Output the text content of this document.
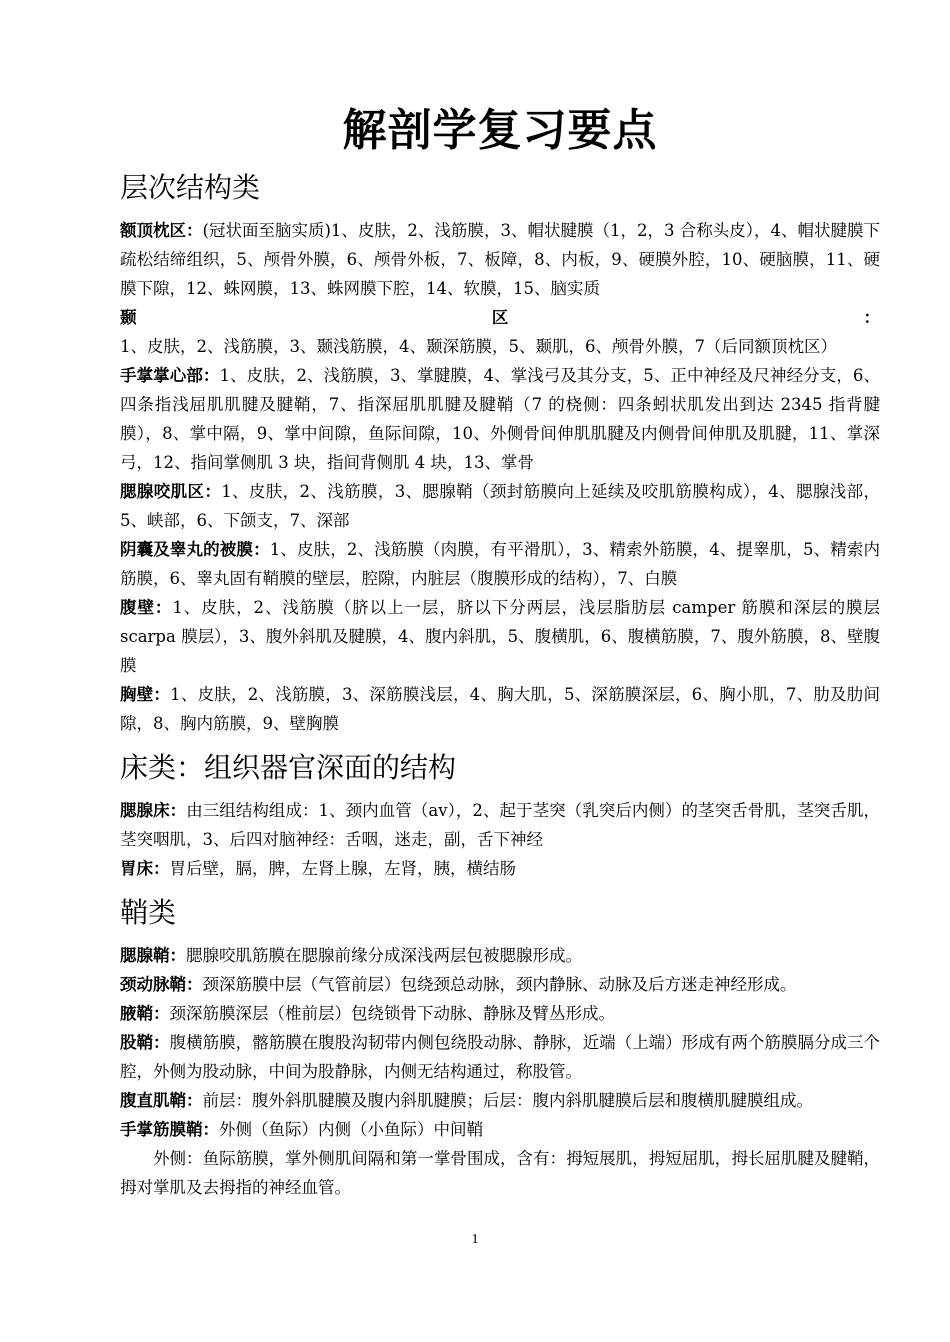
解剖学复习要点
层次结构类

额顶枕区：(冠状面至脑实质)1、皮肤，2、浅筋膜，3、帽状腱膜（1，2，3 合称头皮），4、帽状腱膜下疏松结缔组织，5、颅骨外膜，6、颅骨外板，7、板障，8、内板，9、硬膜外腔，10、硬脑膜，11、硬膜下隙，12、蛛网膜，13、蛛网膜下腔，14、软膜，15、脑实质

颞区：1、皮肤，2、浅筋膜，3、颞浅筋膜，4、颞深筋膜，5、颞肌，6、颅骨外膜，7（后同额顶枕区）

手掌掌心部：1、皮肤，2、浅筋膜，3、掌腱膜，4、掌浅弓及其分支，5、正中神经及尺神经分支，6、四条指浅屈肌肌腱及腱鞘，7、指深屈肌肌腱及腱鞘（7 的桡侧：四条蚓状肌发出到达 2345 指背腱膜），8、掌中隔，9、掌中间隙，鱼际间隙，10、外侧骨间伸肌肌腱及内侧骨间伸肌及肌腱，11、掌深弓，12、指间掌侧肌 3 块，指间背侧肌 4 块，13、掌骨

腮腺咬肌区：1、皮肤，2、浅筋膜，3、腮腺鞘（颈封筋膜向上延续及咬肌筋膜构成），4、腮腺浅部，5、峡部，6、下颌支，7、深部

阴囊及睾丸的被膜：1、皮肤，2、浅筋膜（肉膜，有平滑肌），3、精索外筋膜，4、提睾肌，5、精索内筋膜，6、睾丸固有鞘膜的壁层，腔隙，内脏层（腹膜形成的结构），7、白膜

腹壁：1、皮肤，2、浅筋膜（脐以上一层，脐以下分两层，浅层脂肪层 camper 筋膜和深层的膜层 scarpa 膜层），3、腹外斜肌及腱膜，4、腹内斜肌，5、腹横肌，6、腹横筋膜，7、腹外筋膜，8、壁腹膜

胸壁：1、皮肤，2、浅筋膜，3、深筋膜浅层，4、胸大肌，5、深筋膜深层，6、胸小肌，7、肋及肋间隙，8、胸内筋膜，9、壁胸膜

床类：组织器官深面的结构

腮腺床：由三组结构组成：1、颈内血管（av），2、起于茎突（乳突后内侧）的茎突舌骨肌，茎突舌肌，茎突咽肌，3、后四对脑神经：舌咽，迷走，副，舌下神经

胃床：胃后壁，膈，脾，左肾上腺，左肾，胰，横结肠

鞘类

腮腺鞘：腮腺咬肌筋膜在腮腺前缘分成深浅两层包被腮腺形成。

颈动脉鞘：颈深筋膜中层（气管前层）包绕颈总动脉，颈内静脉、动脉及后方迷走神经形成。

腋鞘：颈深筋膜深层（椎前层）包绕锁骨下动脉、静脉及臂丛形成。

股鞘：腹横筋膜，髂筋膜在腹股沟韧带内侧包绕股动脉、静脉，近端（上端）形成有两个筋膜膈分成三个腔，外侧为股动脉，中间为股静脉，内侧无结构通过，称股管。

腹直肌鞘：前层：腹外斜肌腱膜及腹内斜肌腱膜；后层：腹内斜肌腱膜后层和腹横肌腱膜组成。

手掌筋膜鞘：外侧（鱼际）内侧（小鱼际）中间鞘

外侧：鱼际筋膜，掌外侧肌间隔和第一掌骨围成，含有：拇短展肌，拇短屈肌，拇长屈肌腱及腱鞘，拇对掌肌及去拇指的神经血管。

1
